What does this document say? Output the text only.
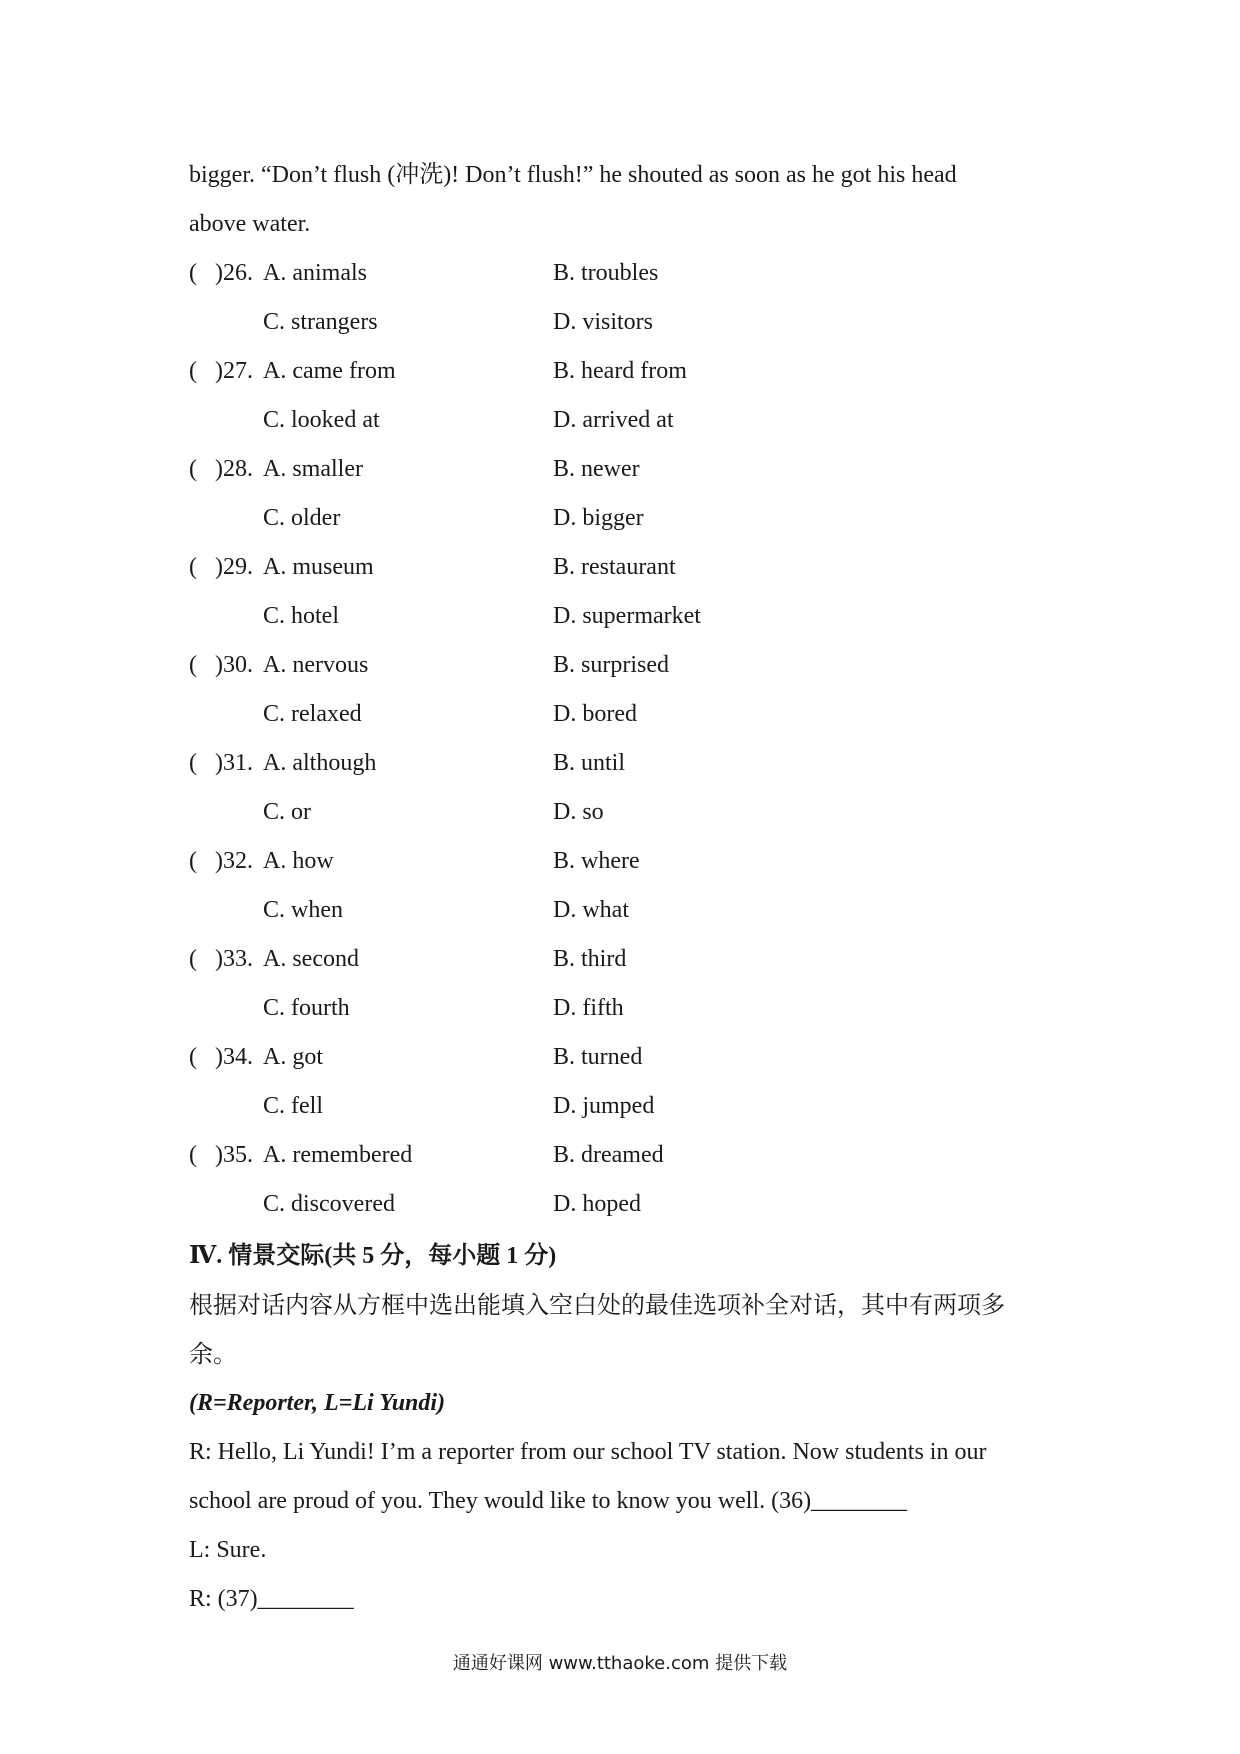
bigger. “Don’t flush (冲洗)! Don’t flush!” he shouted as soon as he got his head
above water.
( )26. A. animals	B. troubles
C. strangers	D. visitors
( )27. A. came from	B. heard from
C. looked at	D. arrived at
( )28. A. smaller	B. newer
C. older	D. bigger
( )29. A. museum	B. restaurant
C. hotel	D. supermarket
( )30. A. nervous	B. surprised
C. relaxed	D. bored
( )31. A. although	B. until
C. or	D. so
( )32. A. how	B. where
C. when	D. what
( )33. A. second	B. third
C. fourth	D. fifth
( )34. A. got	B. turned
C. fell	D. jumped
( )35. A. remembered	B. dreamed
C. discovered	D. hoped
Ⅳ. 情景交际(共 5 分，每小题 1 分)
根据对话内容从方框中选出能填入空白处的最佳选项补全对话，其中有两项多
余。
(R=Reporter, L=Li Yundi)
R: Hello, Li Yundi! I’m a reporter from our school TV station. Now students in our
school are proud of you. They would like to know you well. (36)________
L: Sure.
R: (37)________
通通好课网 www.tthaoke.com 提供下载
